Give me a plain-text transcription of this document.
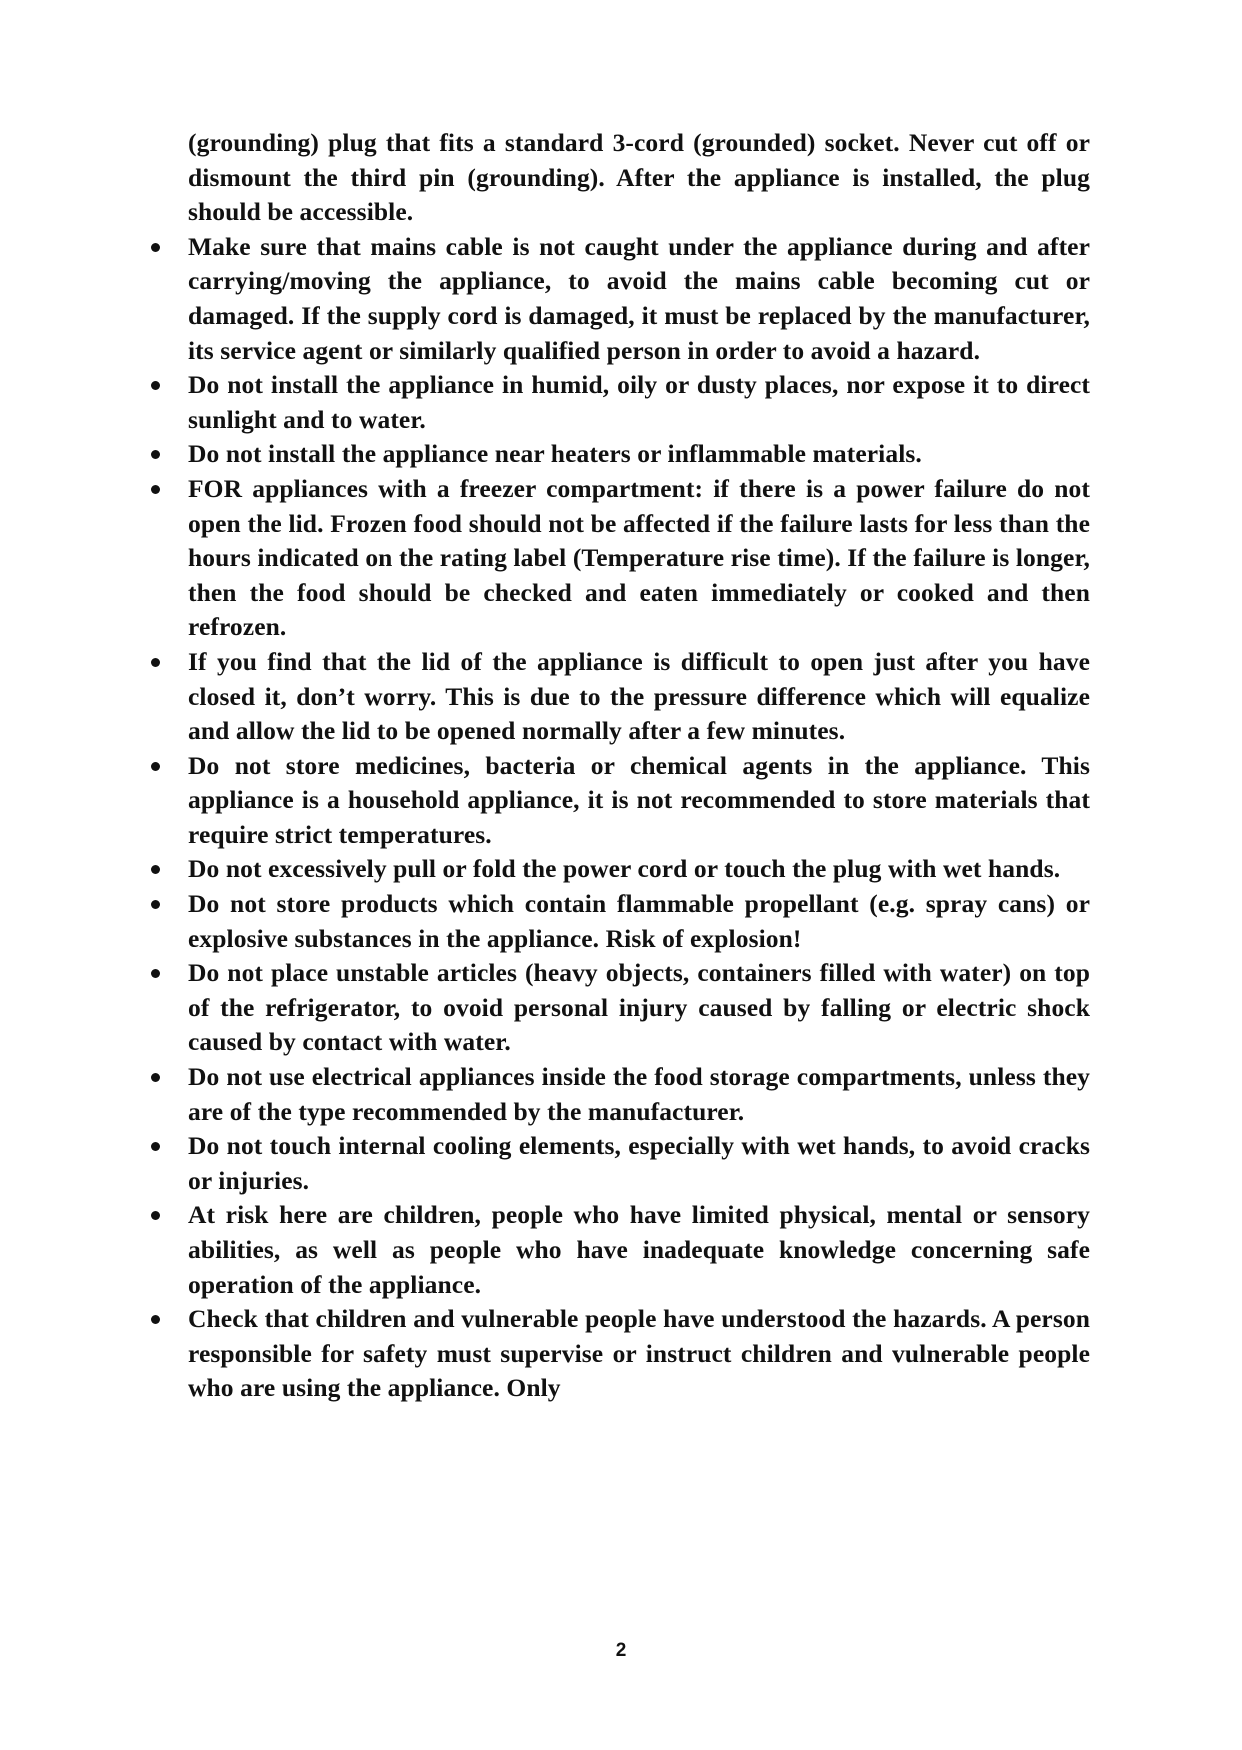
(grounding) plug that fits a standard 3-cord (grounded) socket. Never cut off or dismount the third pin (grounding). After the appliance is installed, the plug should be accessible.

Make sure that mains cable is not caught under the appliance during and after carrying/moving the appliance, to avoid the mains cable becoming cut or damaged. If the supply cord is damaged, it must be replaced by the manufacturer, its service agent or similarly qualified person in order to avoid a hazard.
Do not install the appliance in humid, oily or dusty places, nor expose it to direct sunlight and to water.
Do not install the appliance near heaters or inflammable materials.
FOR appliances with a freezer compartment: if there is a power failure do not open the lid. Frozen food should not be affected if the failure lasts for less than the hours indicated on the rating label (Temperature rise time). If the failure is longer, then the food should be checked and eaten immediately or cooked and then refrozen.
If you find that the lid of the appliance is difficult to open just after you have closed it, don’t worry. This is due to the pressure difference which will equalize and allow the lid to be opened normally after a few minutes.
Do not store medicines, bacteria or chemical agents in the appliance. This appliance is a household appliance, it is not recommended to store materials that require strict temperatures.
Do not excessively pull or fold the power cord or touch the plug with wet hands.
Do not store products which contain flammable propellant (e.g. spray cans) or explosive substances in the appliance. Risk of explosion!
Do not place unstable articles (heavy objects, containers filled with water) on top of the refrigerator, to ovoid personal injury caused by falling or electric shock caused by contact with water.
Do not use electrical appliances inside the food storage compartments, unless they are of the type recommended by the manufacturer.
Do not touch internal cooling elements, especially with wet hands, to avoid cracks or injuries.
At risk here are children, people who have limited physical, mental or sensory abilities, as well as people who have inadequate knowledge concerning safe operation of the appliance.
Check that children and vulnerable people have understood the hazards. A person responsible for safety must supervise or instruct children and vulnerable people who are using the appliance. Only
2
